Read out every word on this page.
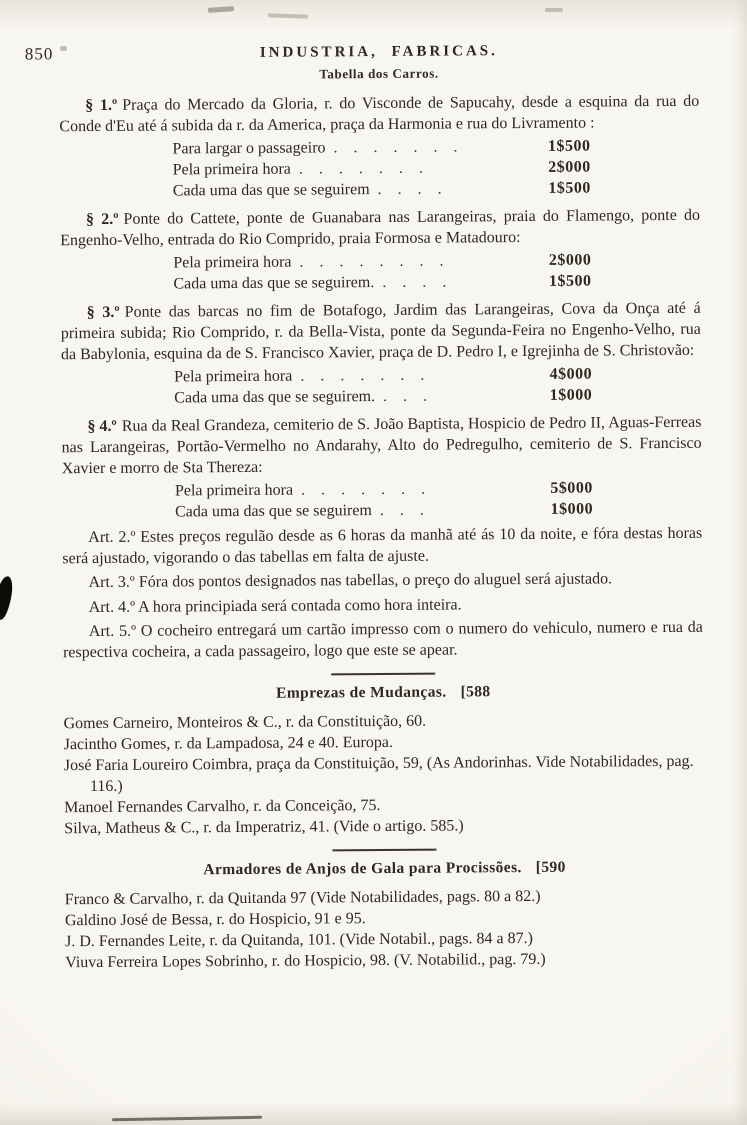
850	INDUSTRIA, FABRICAS.
Tabella dos Carros.

§ 1.º Praça do Mercado da Gloria, r. do Visconde de Sapucahy, desde a esquina da rua do Conde d'Eu até á subida da r. da America, praça da Harmonia e rua do Livramento :

Para largar o passageiro . . . . . . .	1$500
Pela primeira hora . . . . . . .	2$000
Cada uma das que se seguirem . . . .	1$500

§ 2.º Ponte do Cattete, ponte de Guanabara nas Larangeiras, praia do Flamengo, ponte do Engenho-Velho, entrada do Rio Comprido, praia Formosa e Matadouro:

Pela primeira hora . . . . . . . .	2$000
Cada uma das que se seguirem. . . . .	1$500

§ 3.º Ponte das barcas no fim de Botafogo, Jardim das Larangeiras, Cova da Onça até á primeira subida; Rio Comprido, r. da Bella-Vista, ponte da Segunda-Feira no Engenho-Velho, rua da Babylonia, esquina da de S. Francisco Xavier, praça de D. Pedro I, e Igrejinha de S. Christovão:

Pela primeira hora . . . . . . .	4$000
Cada uma das que se seguirem. . . .	1$000

§ 4.º Rua da Real Grandeza, cemiterio de S. João Baptista, Hospicio de Pedro II, Aguas-Ferreas nas Larangeiras, Portão-Vermelho no Andarahy, Alto do Pedregulho, cemiterio de S. Francisco Xavier e morro de Sta Thereza:

Pela primeira hora . . . . . . .	5$000
Cada uma das que se seguirem . . .	1$000

Art. 2.º Estes preços regulão desde as 6 horas da manhã até ás 10 da noite, e fóra destas horas será ajustado, vigorando o das tabellas em falta de ajuste.

Art. 3.º Fóra dos pontos designados nas tabellas, o preço do aluguel será ajustado.

Art. 4.º A hora principiada será contada como hora inteira.

Art. 5.º O cocheiro entregará um cartão impresso com o numero do vehiculo, numero e rua da respectiva cocheira, a cada passageiro, logo que este se apear.

Emprezas de Mudanças. [588

Gomes Carneiro, Monteiros & C., r. da Constituição, 60.

Jacintho Gomes, r. da Lampadosa, 24 e 40. Europa.

José Faria Loureiro Coimbra, praça da Constituição, 59, (As Andorinhas. Vide Notabilidades, pag. 116.)

Manoel Fernandes Carvalho, r. da Conceição, 75.

Silva, Matheus & C., r. da Imperatriz, 41. (Vide o artigo. 585.)

Armadores de Anjos de Gala para Procissões. [590

Franco & Carvalho, r. da Quitanda 97 (Vide Notabilidades, pags. 80 a 82.)

Galdino José de Bessa, r. do Hospicio, 91 e 95.

J. D. Fernandes Leite, r. da Quitanda, 101. (Vide Notabil., pags. 84 a 87.)

Viuva Ferreira Lopes Sobrinho, r. do Hospicio, 98. (V. Notabilid., pag. 79.)
